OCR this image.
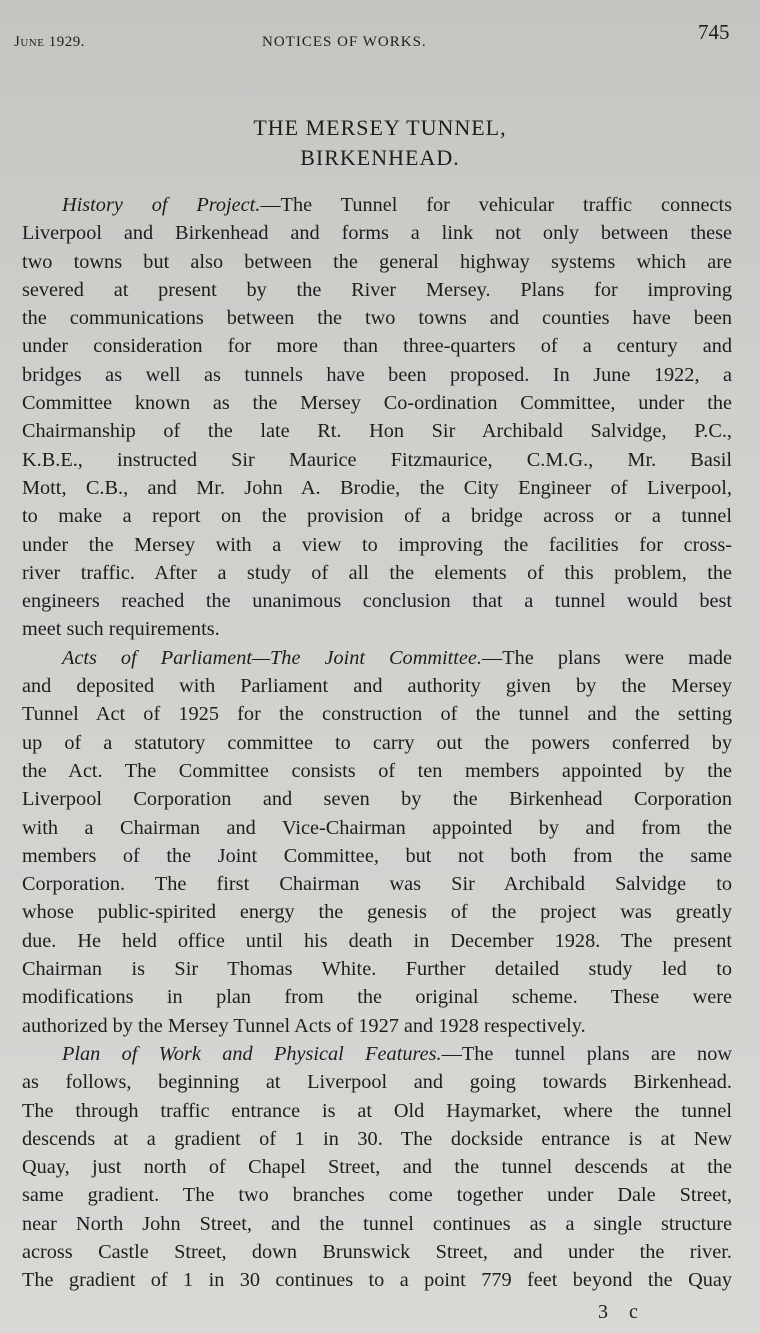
June 1929.	NOTICES OF WORKS.	745
THE MERSEY TUNNEL,
BIRKENHEAD.
History of Project.—The Tunnel for vehicular traffic connects
Liverpool and Birkenhead and forms a link not only between these
two towns but also between the general highway systems which are
severed at present by the River Mersey. Plans for improving
the communications between the two towns and counties have been
under consideration for more than three-quarters of a century and
bridges as well as tunnels have been proposed. In June 1922, a
Committee known as the Mersey Co-ordination Committee, under the
Chairmanship of the late Rt. Hon Sir Archibald Salvidge, P.C.,
K.B.E., instructed Sir Maurice Fitzmaurice, C.M.G., Mr. Basil
Mott, C.B., and Mr. John A. Brodie, the City Engineer of Liverpool,
to make a report on the provision of a bridge across or a tunnel
under the Mersey with a view to improving the facilities for cross-
river traffic. After a study of all the elements of this problem, the
engineers reached the unanimous conclusion that a tunnel would best
meet such requirements.
Acts of Parliament—The Joint Committee.—The plans were made
and deposited with Parliament and authority given by the Mersey
Tunnel Act of 1925 for the construction of the tunnel and the setting
up of a statutory committee to carry out the powers conferred by
the Act. The Committee consists of ten members appointed by the
Liverpool Corporation and seven by the Birkenhead Corporation
with a Chairman and Vice-Chairman appointed by and from the
members of the Joint Committee, but not both from the same
Corporation. The first Chairman was Sir Archibald Salvidge to
whose public-spirited energy the genesis of the project was greatly
due. He held office until his death in December 1928. The present
Chairman is Sir Thomas White. Further detailed study led to
modifications in plan from the original scheme. These were
authorized by the Mersey Tunnel Acts of 1927 and 1928 respectively.
Plan of Work and Physical Features.—The tunnel plans are now
as follows, beginning at Liverpool and going towards Birkenhead.
The through traffic entrance is at Old Haymarket, where the tunnel
descends at a gradient of 1 in 30. The dockside entrance is at New
Quay, just north of Chapel Street, and the tunnel descends at the
same gradient. The two branches come together under Dale Street,
near North John Street, and the tunnel continues as a single structure
across Castle Street, down Brunswick Street, and under the river.
The gradient of 1 in 30 continues to a point 779 feet beyond the Quay
3 c
